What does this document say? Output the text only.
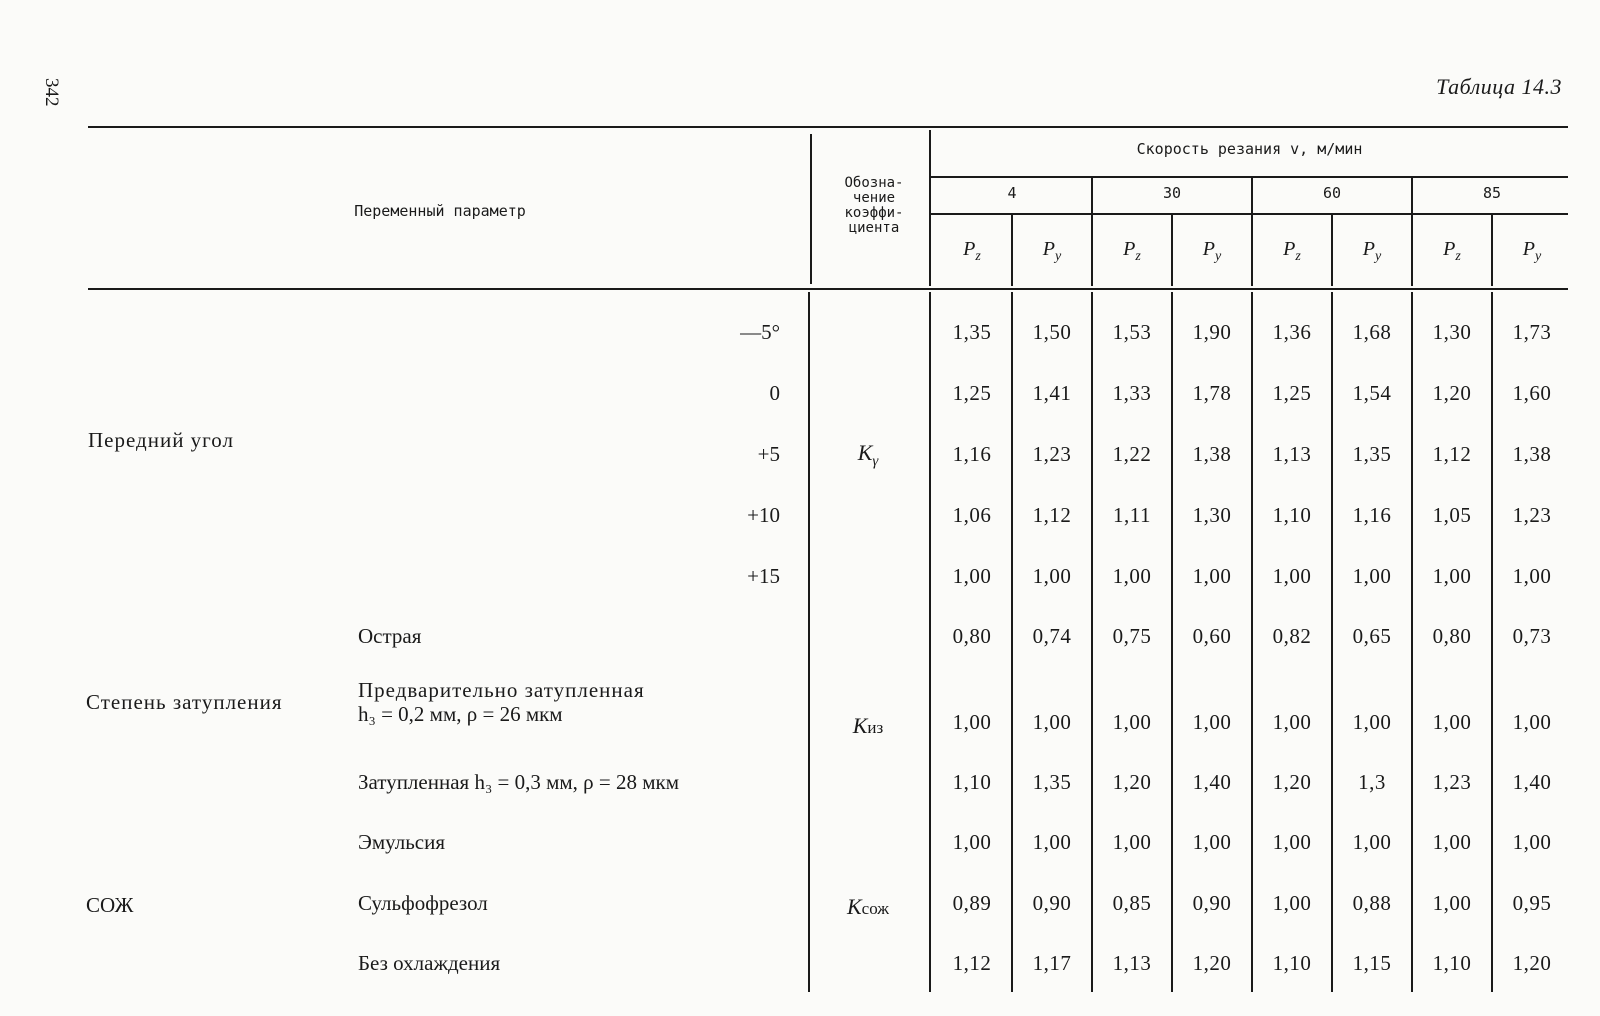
342	Таблица 14.3
Переменный параметр
Обозна-
чение
коэффи-
циента
Скорость резания v, м/мин
4	30	60	85
$P_z$	$P_y$	$P_z$	$P_y$	$P_z$	$P_y$	$P_z$	$P_y$
Передний угол
Степень затупления
СОЖ
$K_\gamma$
Kиз
Kсож
—5°	1,35	1,50	1,53	1,90	1,36	1,68	1,30	1,73
0	1,25	1,41	1,33	1,78	1,25	1,54	1,20	1,60
+5	1,16	1,23	1,22	1,38	1,13	1,35	1,12	1,38
+10	1,06	1,12	1,11	1,30	1,10	1,16	1,05	1,23
+15	1,00	1,00	1,00	1,00	1,00	1,00	1,00	1,00
Острая	0,80	0,74	0,75	0,60	0,82	0,65	0,80	0,73
Предварительно затупленная
h₃ = 0,2 мм, ρ = 26 мкм	1,00	1,00	1,00	1,00	1,00	1,00	1,00	1,00
Затупленная h₃ = 0,3 мм, ρ = 28 мкм	1,10	1,35	1,20	1,40	1,20	1,3	1,23	1,40
Эмульсия	1,00	1,00	1,00	1,00	1,00	1,00	1,00	1,00
Сульфофрезол	0,89	0,90	0,85	0,90	1,00	0,88	1,00	0,95
Без охлаждения	1,12	1,17	1,13	1,20	1,10	1,15	1,10	1,20
